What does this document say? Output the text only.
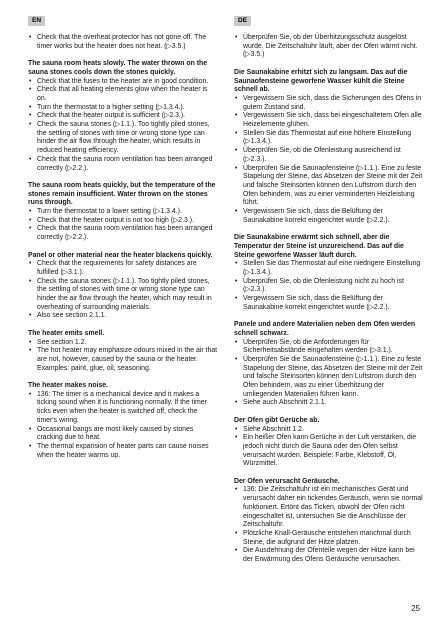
EN	DE
• Check that the overheat protector has not gone off. The timer works but the heater does not heat. (▷3.5.)

The sauna room heats slowly. The water thrown on the sauna stones cools down the stones quickly.

• Check that the fuses to the heater are in good condition.
• Check that all heating elements glow when the heater is on.
• Turn the thermostat to a higher setting (▷1.3.4.).
• Check that the heater output is sufficient (▷2.3.).
• Check the sauna stones (▷1.1.). Too tightly piled stones, the settling of stones with time or wrong stone type can hinder the air flow through the heater, which results in reduced heating efficiency.
• Check that the sauna room ventilation has been arranged correctly (▷2.2.).

The sauna room heats quickly, but the temperature of the stones remain insufficient. Water thrown on the stones runs through.

• Turn the thermostat to a lower setting (▷1.3.4.).
• Check that the heater output is not too high (▷2.3.).
• Check that the sauna room ventilation has been arranged correctly (▷2.2.).

Panel or other material near the heater blackens quickly.

• Check that the requirements for safety distances are fulfilled (▷3.1.).
• Check the sauna stones (▷1.1.). Too tightly piled stones, the settling of stones with time or wrong stone type can hinder the air flow through the heater, which may result in overheating of surrounding materials.
• Also see section 2.1.1.

The heater emits smell.

• See section 1.2.
• The hot heater may emphasize odours mixed in the air that are not, however, caused by the sauna or the heater. Examples: paint, glue, oil, seasoning.

The heater makes noise.

• 136: The timer is a mechanical device and it makes a ticking sound when it is functioning normally. If the timer ticks even when the heater is switched off, check the timer's wiring.
• Occasional bangs are most likely caused by stones cracking due to heat.
• The thermal expansion of heater parts can cause noises when the heater warms up.
• Überprüfen Sie, ob der Überhitzungsschutz ausgelöst wurde. Die Zeitschaltuhr läuft, aber der Ofen wärmt nicht. (▷3.5.)

Die Saunakabine erhitzt sich zu langsam. Das auf die Saunaofensteine geworfene Wasser kühlt die Steine schnell ab.

• Vergewissern Sie sich, dass die Sicherungen des Ofens in gutem Zustand sind.
• Vergewissern Sie sich, dass bei eingeschaltetem Ofen alle Heizelemente glühen.
• Stellen Sie das Thermostat auf eine höhere Einstellung (▷1.3.4.).
• Überprüfen Sie, ob die Ofenleistung ausreichend ist (▷2.3.).
• Überprüfen Sie die Saunaofensteine (▷1.1.). Eine zu feste Stapelung der Steine, das Absetzen der Steine mit der Zeit und falsche Steinsorten können den Luftstrom durch den Ofen behindern, was zu einer verminderten Heizleistung führt.
• Vergewissern Sie sich, dass die Belüftung der Saunakabine korrekt eingerichtet wurde (▷2.2.).

Die Saunakabine erwärmt sich schnell, aber die Temperatur der Steine ist unzureichend. Das auf die Steine geworfene Wasser läuft durch.

• Stellen Sie das Thermostat auf eine niedrigere Einstellung (▷1.3.4.).
• Überprüfen Sie, ob die Ofenleistung nicht zu hoch ist (▷2.3.).
• Vergewissern Sie sich, dass die Belüftung der Saunakabine korrekt eingerichtet wurde (▷2.2.).

Panele und andere Materialien neben dem Ofen werden schnell schwarz.

• Überprüfen Sie, ob die Anforderungen für Sicherheitsabstände eingehalten werden (▷3.1.).
• Überprüfen Sie die Saunaofensteine (▷1.1.). Eine zu feste Stapelung der Steine, das Absetzen der Steine mit der Zeit und falsche Steinsorten können den Luftstrom durch den Ofen behindern, was zu einer Überhitzung der umliegenden Materialien führen kann.
• Siehe auch Abschnitt 2.1.1.

Der Ofen gibt Gerüche ab.

• Siehe Abschnitt 1.2.
• Ein heißer Ofen kann Gerüche in der Luft verstärken, die jedoch nicht durch die Sauna oder den Ofen selbst verursacht wurden. Beispiele: Farbe, Klebstoff, Öl, Würzmittel.

Der Ofen verursacht Geräusche.

• 136: Die Zeitschaltuhr ist ein mechanisches Gerät und verursacht daher ein tickendes Geräusch, wenn sie normal funktioniert. Ertönt das Ticken, obwohl der Ofen nicht eingeschaltet ist, untersuchen Sie die Anschlüsse der Zeitschaltuhr.
• Plötzliche Knall-Geräusche entstehen manchmal durch Steine, die aufgrund der Hitze platzen.
• Die Ausdehnung der Ofenteile wegen der Hitze kann bei der Erwärmung des Ofens Geräusche verursachen.
25
